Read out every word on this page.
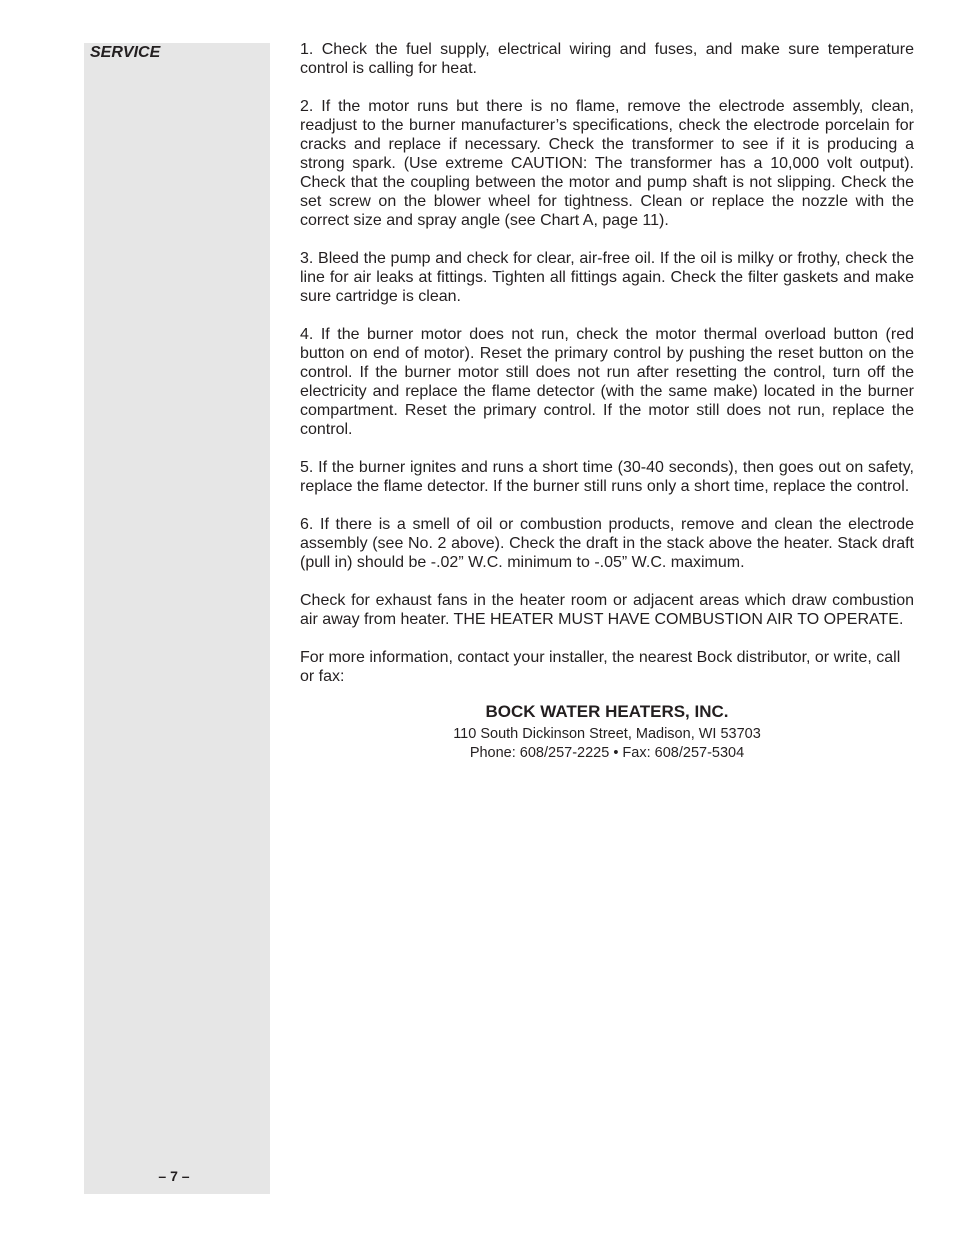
SERVICE
– 7 –

1. Check the fuel supply, electrical wiring and fuses, and make sure temperature control is calling for heat.

2. If the motor runs but there is no flame, remove the electrode assembly, clean, readjust to the burner manufacturer’s specifications, check the electrode porcelain for cracks and replace if necessary. Check the transformer to see if it is producing a strong spark. (Use extreme CAUTION: The transformer has a 10,000 volt output). Check that the coupling between the motor and pump shaft is not slipping. Check the set screw on the blower wheel for tightness. Clean or replace the nozzle with the correct size and spray angle (see Chart A, page 11).

3. Bleed the pump and check for clear, air-free oil. If the oil is milky or frothy, check the line for air leaks at fittings. Tighten all fittings again. Check the filter gaskets and make sure cartridge is clean.

4. If the burner motor does not run, check the motor thermal overload button (red button on end of motor). Reset the primary control by pushing the reset button on the control. If the burner motor still does not run after resetting the control, turn off the electricity and replace the flame detector (with the same make) located in the burner compartment. Reset the primary control. If the motor still does not run, replace the control.

5. If the burner ignites and runs a short time (30-40 seconds), then goes out on safety, replace the flame detector. If the burner still runs only a short time, replace the control.

6. If there is a smell of oil or combustion products, remove and clean the electrode assembly (see No. 2 above). Check the draft in the stack above the heater. Stack draft (pull in) should be -.02” W.C. minimum to -.05” W.C. maximum.

Check for exhaust fans in the heater room or adjacent areas which draw combustion air away from heater. THE HEATER MUST HAVE COMBUSTION AIR TO OPERATE.

For more information, contact your installer, the nearest Bock distributor, or write, call or fax:

BOCK WATER HEATERS, INC.
110 South Dickinson Street, Madison, WI 53703
Phone: 608/257-2225 • Fax: 608/257-5304
